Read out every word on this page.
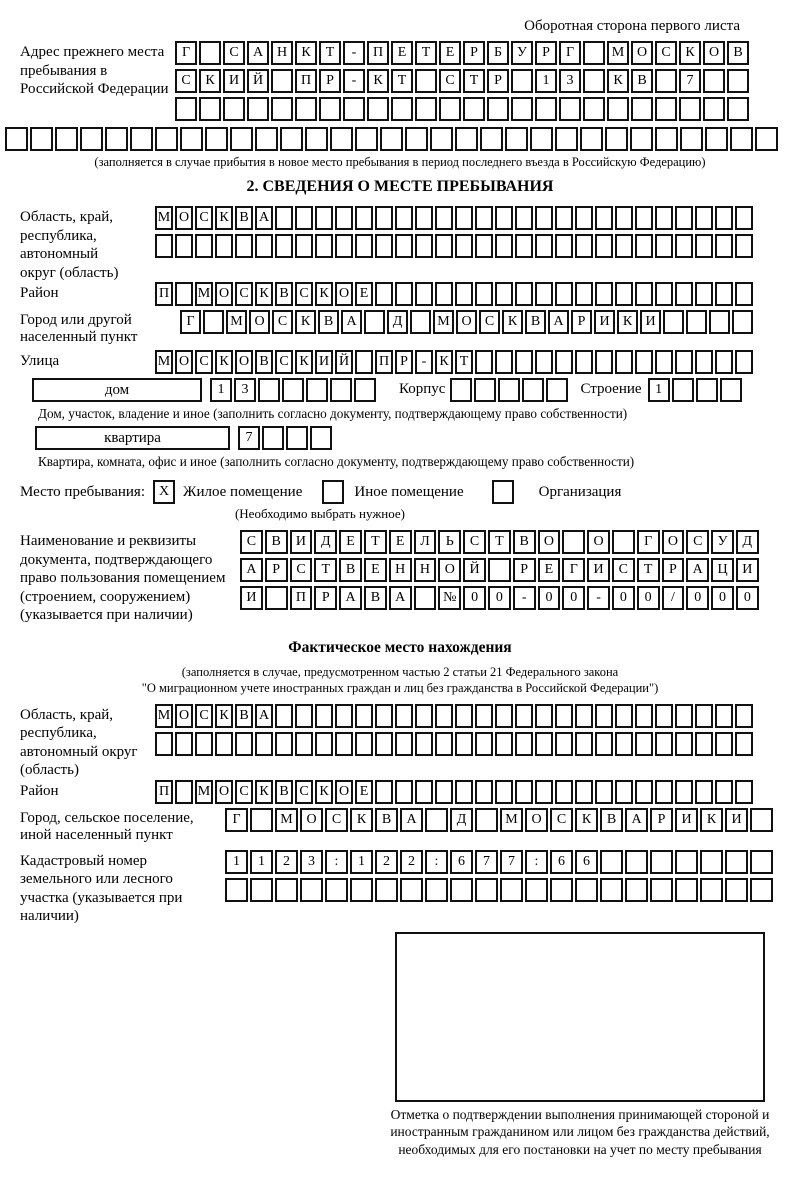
Оборотная сторона первого листа
Адрес прежнего места пребывания в Российской Федерации
Г	С	А Н	К	Т	-	П	Е	Т	Е	Р	Б	У	Р	Г	М О	С	К	О	В
С	К	И Й	П	Р	-	К	Т	С	Т	Р	1	3	К	В	7
(заполняется в случае прибытия в новое место пребывания в период последнего въезда в Российскую Федерацию)
2. СВЕДЕНИЯ О МЕСТЕ ПРЕБЫВАНИЯ
Область, край, республика, автономный округ (область)
М О С К В А
Район	П М О С К В С К О Е
Город или другой населенный пункт
Г	М О С К В А	Д	М О С К В А	Р	И К И
Улица	М О С К О В С К И Й П Р - К Т
дом	1	3	Корпус	Строение 1
Дом, участок, владение и иное (заполнить согласно документу, подтверждающему право собственности)
квартира	7
Квартира, комната, офис и иное (заполнить согласно документу, подтверждающему право собственности)
Место пребывания: X Жилое помещение	Иное помещение	Организация
(Необходимо выбрать нужное)
Наименование и реквизиты документа, подтверждающего право пользования помещением (строением, сооружением) (указывается при наличии)
С	В	И	Д	Е	Т	Е	Л	Ь	С	Т	В	О	О	Г	О	С	У	Д
А	Р	С	Т	В	Е	Н	Н	О	Й	Р	Е	Г	И	С	Т	Р	А	Ц	И
И	П	Р	А	В	А	№	0	0	-	0	0	-	0	0	/	0	0	0
Фактическое место нахождения
(заполняется в случае, предусмотренном частью 2 статьи 21 Федерального закона
"О миграционном учете иностранных граждан и лиц без гражданства в Российской Федерации")
Область, край, республика, автономный округ (область)
М О С К В А
Район	П М О С К В С К О Е
Город, сельское поселение, иной населенный пункт
Г	М О	С	К	В	А	Д	М О	С	К	В	А	Р	И	К	И
Кадастровый номер земельного или лесного участка (указывается при наличии)
1	1	2	3	:	1	2	2	:	6	7	7	:	6	6
Отметка о подтверждении выполнения принимающей стороной и иностранным гражданином или лицом без гражданства действий, необходимых для его постановки на учет по месту пребывания
